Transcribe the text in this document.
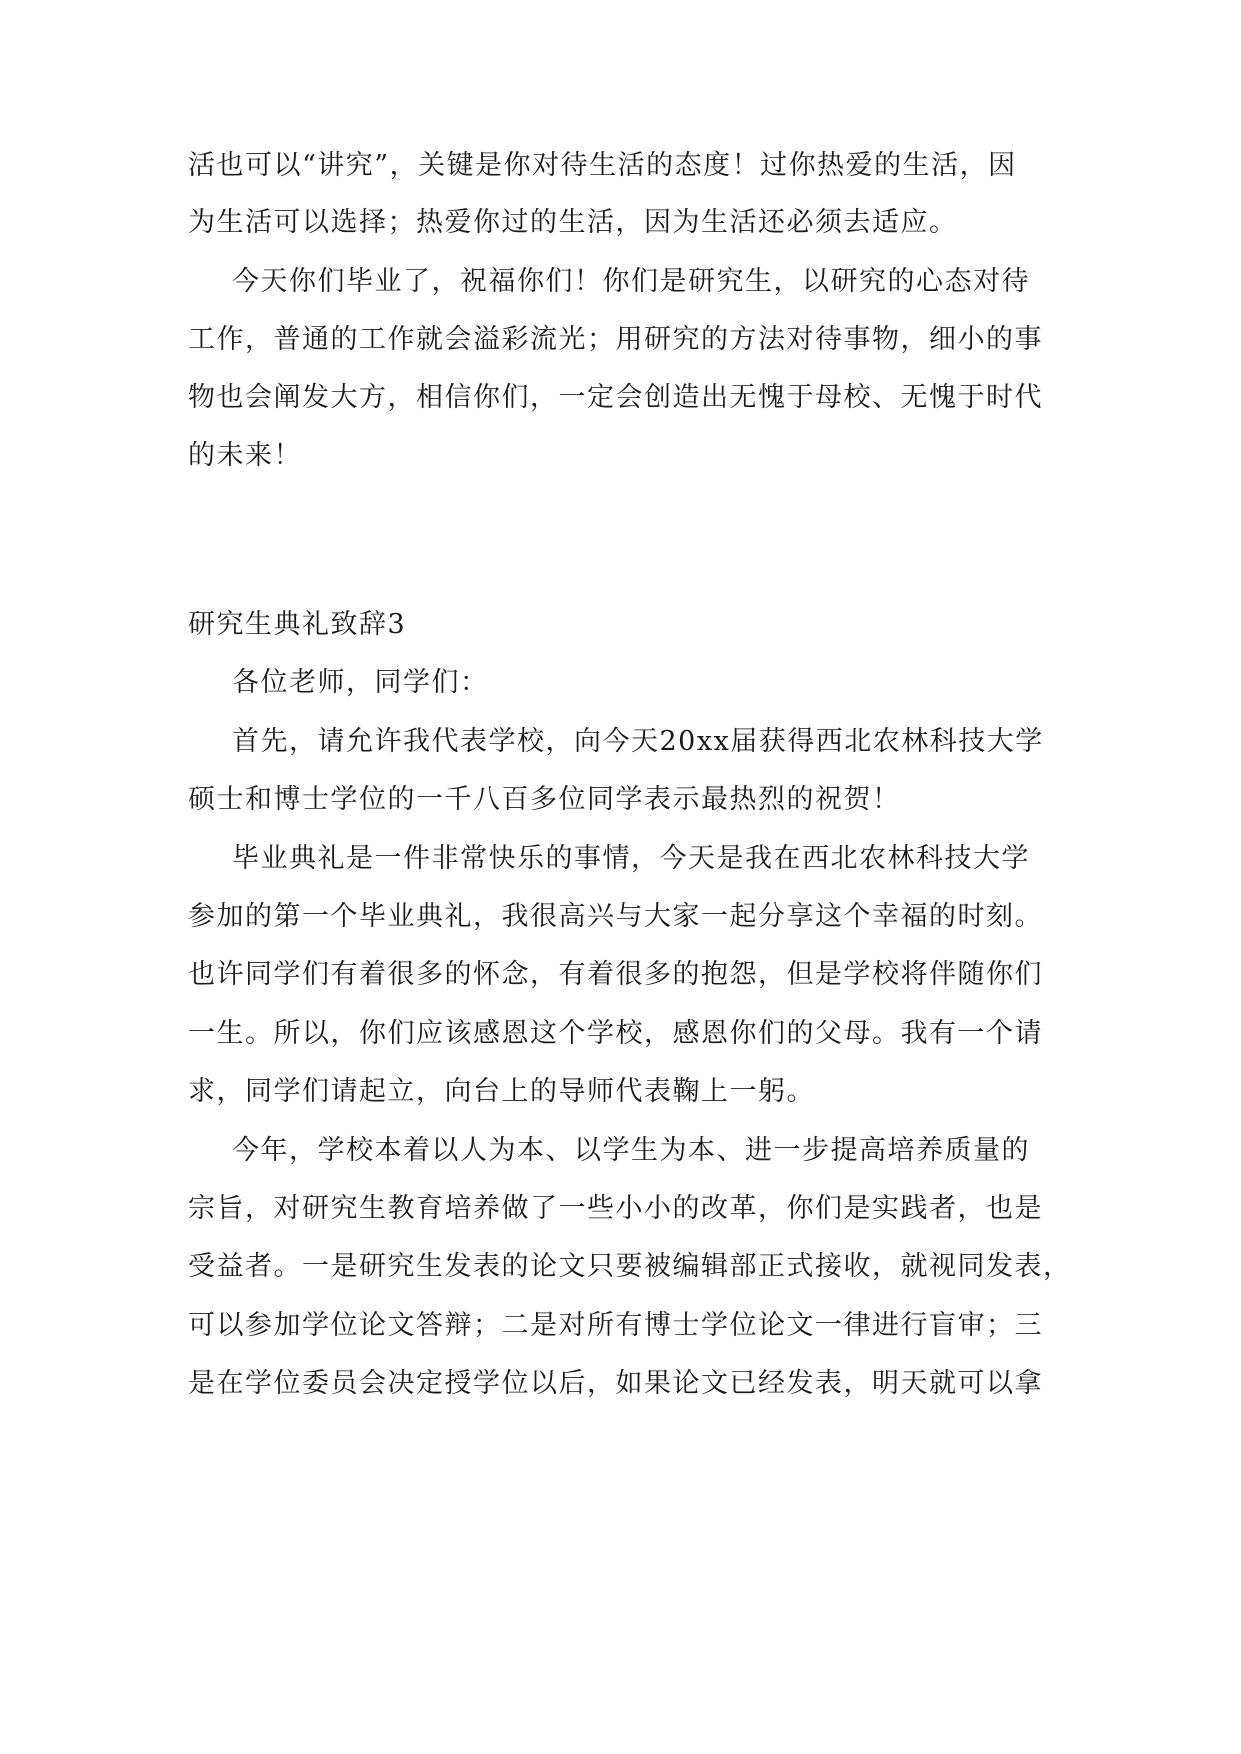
活也可以“讲究”，关键是你对待生活的态度！过你热爱的生活，因
为生活可以选择；热爱你过的生活，因为生活还必须去适应。
今天你们毕业了，祝福你们！你们是研究生，以研究的心态对待
工作，普通的工作就会溢彩流光；用研究的方法对待事物，细小的事
物也会阐发大方，相信你们，一定会创造出无愧于母校、无愧于时代
的未来！
研究生典礼致辞3
各位老师，同学们：
首先，请允许我代表学校，向今天20xx届获得西北农林科技大学
硕士和博士学位的一千八百多位同学表示最热烈的祝贺！
毕业典礼是一件非常快乐的事情，今天是我在西北农林科技大学
参加的第一个毕业典礼，我很高兴与大家一起分享这个幸福的时刻。
也许同学们有着很多的怀念，有着很多的抱怨，但是学校将伴随你们
一生。所以，你们应该感恩这个学校，感恩你们的父母。我有一个请
求，同学们请起立，向台上的导师代表鞠上一躬。
今年，学校本着以人为本、以学生为本、进一步提高培养质量的
宗旨，对研究生教育培养做了一些小小的改革，你们是实践者，也是
受益者。一是研究生发表的论文只要被编辑部正式接收，就视同发表，
可以参加学位论文答辩；二是对所有博士学位论文一律进行盲审；三
是在学位委员会决定授学位以后，如果论文已经发表，明天就可以拿
